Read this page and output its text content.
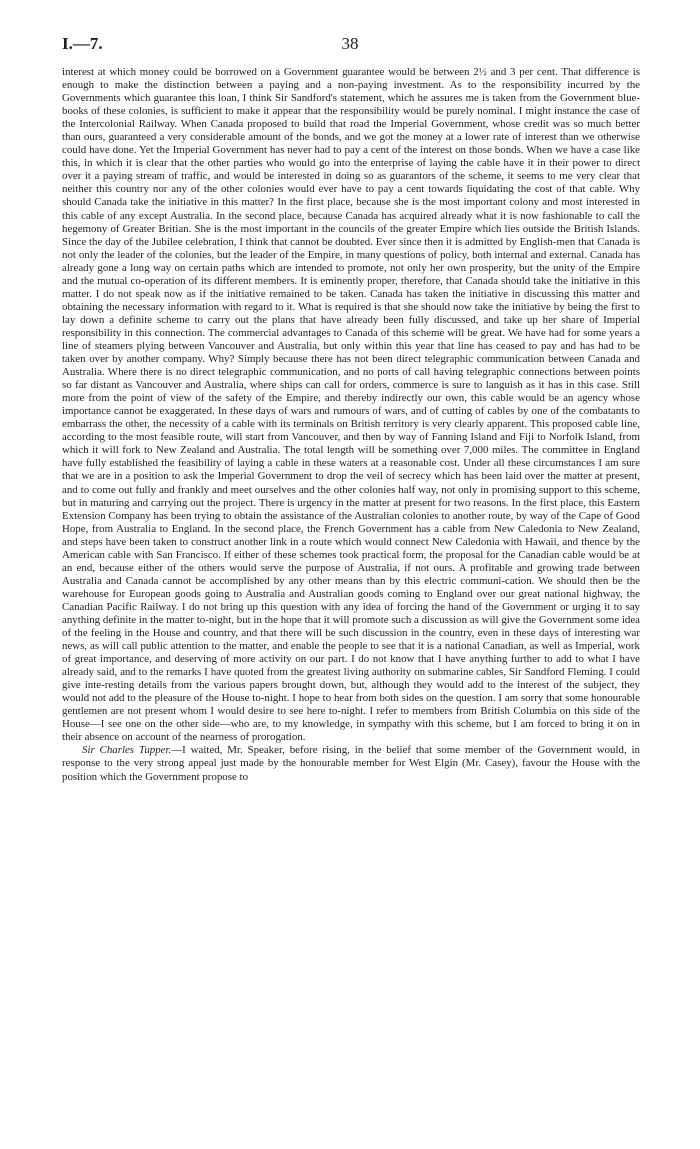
I.—7.	38

interest at which money could be borrowed on a Government guarantee would be between 2½ and 3 per cent. That difference is enough to make the distinction between a paying and a non-paying investment. As to the responsibility incurred by the Governments which guarantee this loan, I think Sir Sandford's statement, which he assures me is taken from the Government blue-books of these colonies, is sufficient to make it appear that the responsibility would be purely nominal. I might instance the case of the Intercolonial Railway. When Canada proposed to build that road the Imperial Government, whose credit was so much better than ours, guaranteed a very considerable amount of the bonds, and we got the money at a lower rate of interest than we otherwise could have done. Yet the Imperial Government has never had to pay a cent of the interest on those bonds. When we have a case like this, in which it is clear that the other parties who would go into the enterprise of laying the cable have it in their power to direct over it a paying stream of traffic, and would be interested in doing so as guarantors of the scheme, it seems to me very clear that neither this country nor any of the other colonies would ever have to pay a cent towards liquidating the cost of that cable. Why should Canada take the initiative in this matter? In the first place, because she is the most important colony and most interested in this cable of any except Australia. In the second place, because Canada has acquired already what it is now fashionable to call the hegemony of Greater Britian. She is the most important in the councils of the greater Empire which lies outside the British Islands. Since the day of the Jubilee celebration, I think that cannot be doubted. Ever since then it is admitted by English-men that Canada is not only the leader of the colonies, but the leader of the Empire, in many questions of policy, both internal and external. Canada has already gone a long way on certain paths which are intended to promote, not only her own prosperity, but the unity of the Empire and the mutual co-operation of its different members. It is eminently proper, therefore, that Canada should take the initiative in this matter. I do not speak now as if the initiative remained to be taken. Canada has taken the initiative in discussing this matter and obtaining the necessary information with regard to it. What is required is that she should now take the initiative by being the first to lay down a definite scheme to carry out the plans that have already been fully discussed, and take up her share of Imperial responsibility in this connection. The commercial advantages to Canada of this scheme will be great. We have had for some years a line of steamers plying between Vancouver and Australia, but only within this year that line has ceased to pay and has had to be taken over by another company. Why? Simply because there has not been direct telegraphic communication between Canada and Australia. Where there is no direct telegraphic communication, and no ports of call having telegraphic connections between points so far distant as Vancouver and Australia, where ships can call for orders, commerce is sure to languish as it has in this case. Still more from the point of view of the safety of the Empire, and thereby indirectly our own, this cable would be an agency whose importance cannot be exaggerated. In these days of wars and rumours of wars, and of cutting of cables by one of the combatants to embarrass the other, the necessity of a cable with its terminals on British territory is very clearly apparent. This proposed cable line, according to the most feasible route, will start from Vancouver, and then by way of Fanning Island and Fiji to Norfolk Island, from which it will fork to New Zealand and Australia. The total length will be something over 7,000 miles. The committee in England have fully established the feasibility of laying a cable in these waters at a reasonable cost. Under all these circumstances I am sure that we are in a position to ask the Imperial Government to drop the veil of secrecy which has been laid over the matter at present, and to come out fully and frankly and meet ourselves and the other colonies half way, not only in promising support to this scheme, but in maturing and carrying out the project. There is urgency in the matter at present for two reasons. In the first place, this Eastern Extension Company has been trying to obtain the assistance of the Australian colonies to another route, by way of the Cape of Good Hope, from Australia to England. In the second place, the French Government has a cable from New Caledonia to New Zealand, and steps have been taken to construct another link in a route which would connect New Caledonia with Hawaii, and thence by the American cable with San Francisco. If either of these schemes took practical form, the proposal for the Canadian cable would be at an end, because either of the others would serve the purpose of Australia, if not ours. A profitable and growing trade between Australia and Canada cannot be accomplished by any other means than by this electric communi-cation. We should then be the warehouse for European goods going to Australia and Australian goods coming to England over our great national highway, the Canadian Pacific Railway. I do not bring up this question with any idea of forcing the hand of the Government or urging it to say anything definite in the matter to-night, but in the hope that it will promote such a discussion as will give the Government some idea of the feeling in the House and country, and that there will be such discussion in the country, even in these days of interesting war news, as will call public attention to the matter, and enable the people to see that it is a national Canadian, as well as Imperial, work of great importance, and deserving of more activity on our part. I do not know that I have anything further to add to what I have already said, and to the remarks I have quoted from the greatest living authority on submarine cables, Sir Sandford Fleming. I could give inte-resting details from the various papers brought down, but, although they would add to the interest of the subject, they would not add to the pleasure of the House to-night. I hope to hear from both sides on the question. I am sorry that some honourable gentlemen are not present whom I would desire to see here to-night. I refer to members from British Columbia on this side of the House—I see one on the other side—who are, to my knowledge, in sympathy with this scheme, but I am forced to bring it on in their absence on account of the nearness of prorogation.

Sir Charles Tupper.—I waited, Mr. Speaker, before rising, in the belief that some member of the Government would, in response to the very strong appeal just made by the honourable member for West Elgin (Mr. Casey), favour the House with the position which the Government propose to
